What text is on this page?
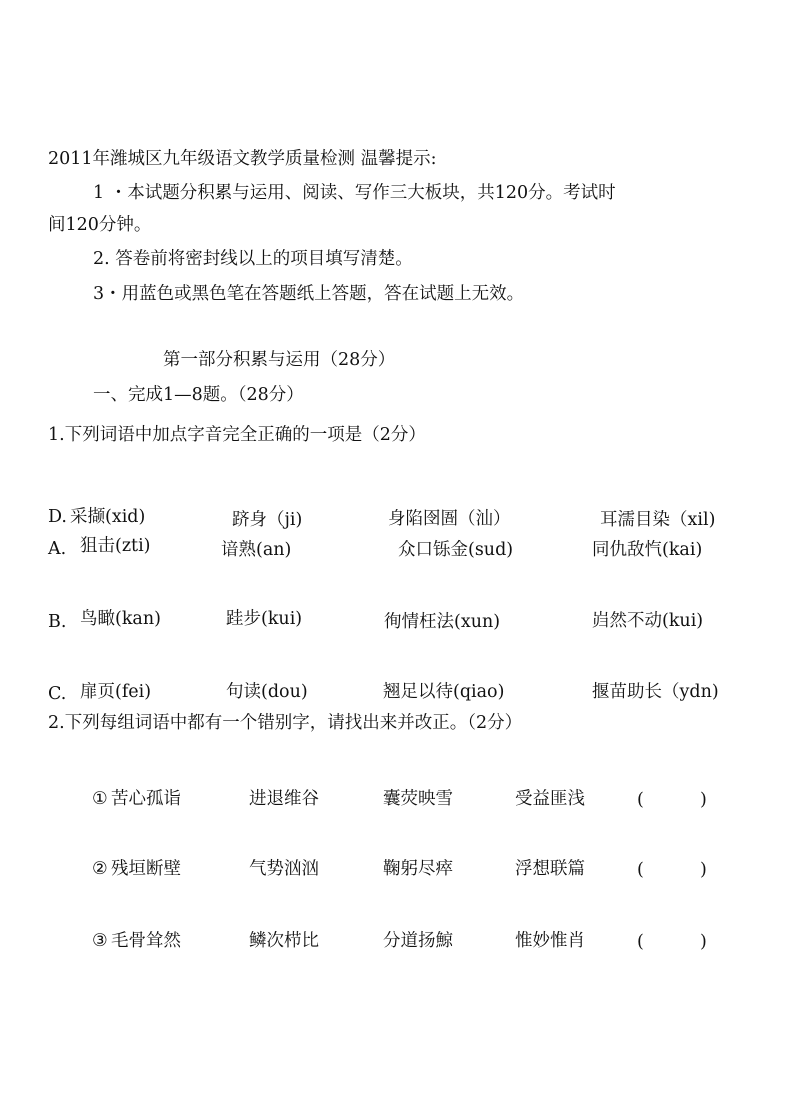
2011年潍城区九年级语文教学质量检测 温馨提示:
1 ・本试题分积累与运用、阅读、写作三大板块，共120分。考试时
间120分钟。
2. 答卷前将密封线以上的项目填写清楚。
3・用蓝色或黑色笔在答题纸上答题，答在试题上无效。
第一部分积累与运用（28分）
一、完成1—8题。（28分）
1.下列词语中加点字音完全正确的一项是（2分）
D. 采撷(xid)	跻身（ji)	身陷囹圄（汕）	耳濡目染（xil)
A. 狙击(zti)	谙熟(an)	众口铄金(sud)	同仇敌忾(kai)
B. 鸟瞰(kan)	跬步(kui)	徇情枉法(xun)	岿然不动(kui)
C. 扉页(fei)	句读(dou)	翘足以待(qiao)	揠苗助长（ydn)
2.下列每组词语中都有一个错别字，请找出来并改正。（2分）
① 苦心孤诣	进退维谷	囊荧映雪	受益匪浅	(	)
② 残垣断壁	气势汹汹	鞠躬尽瘁	浮想联篇	(	)
③ 毛骨耸然	鳞次栉比	分道扬鯨	惟妙惟肖	(	)
